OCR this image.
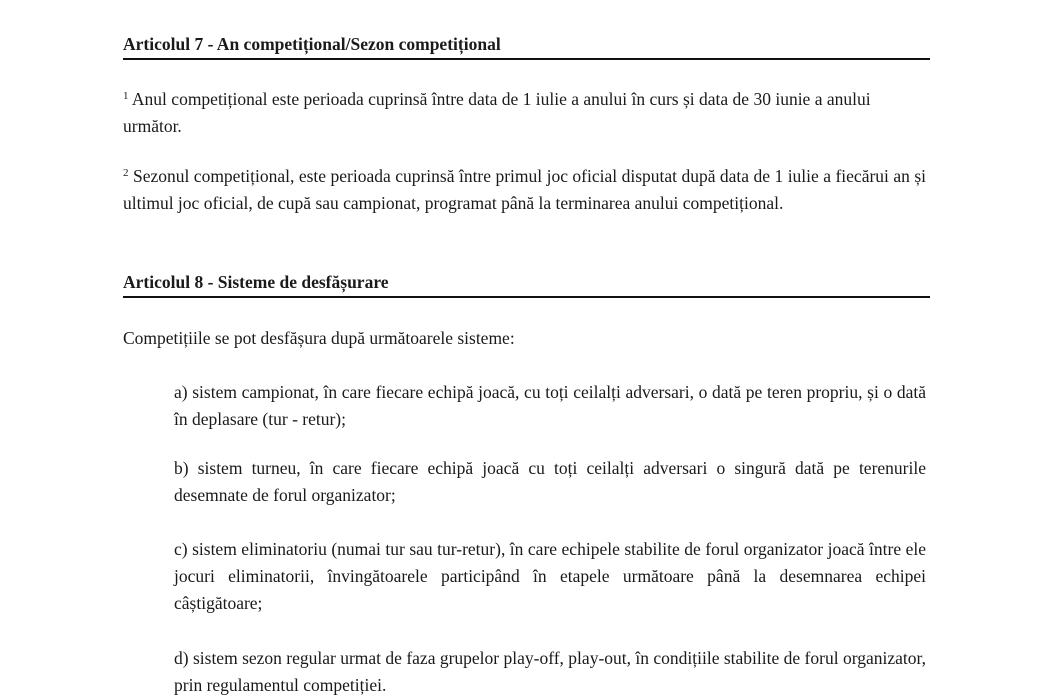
Articolul 7 - An competițional/Sezon competițional

$^1$ Anul competițional este perioada cuprinsă între data de 1 iulie a anului în curs și data de 30 iunie a anului următor.

$^2$ Sezonul competițional, este perioada cuprinsă între primul joc oficial disputat după data de 1 iulie a fiecărui an și ultimul joc oficial, de cupă sau campionat, programat până la terminarea anului competițional.

Articolul 8 - Sisteme de desfășurare

Competițiile se pot desfășura după următoarele sisteme:

a) sistem campionat, în care fiecare echipă joacă, cu toți ceilalți adversari, o dată pe teren propriu, și o dată în deplasare (tur - retur);

b) sistem turneu, în care fiecare echipă joacă cu toți ceilalți adversari o singură dată pe terenurile desemnate de forul organizator;

c) sistem eliminatoriu (numai tur sau tur-retur), în care echipele stabilite de forul organizator joacă între ele jocuri eliminatorii, învingătoarele participând în etapele următoare până la desemnarea echipei câștigătoare;

d) sistem sezon regular urmat de faza grupelor play-off, play-out, în condițiile stabilite de forul organizator, prin regulamentul competiției.
